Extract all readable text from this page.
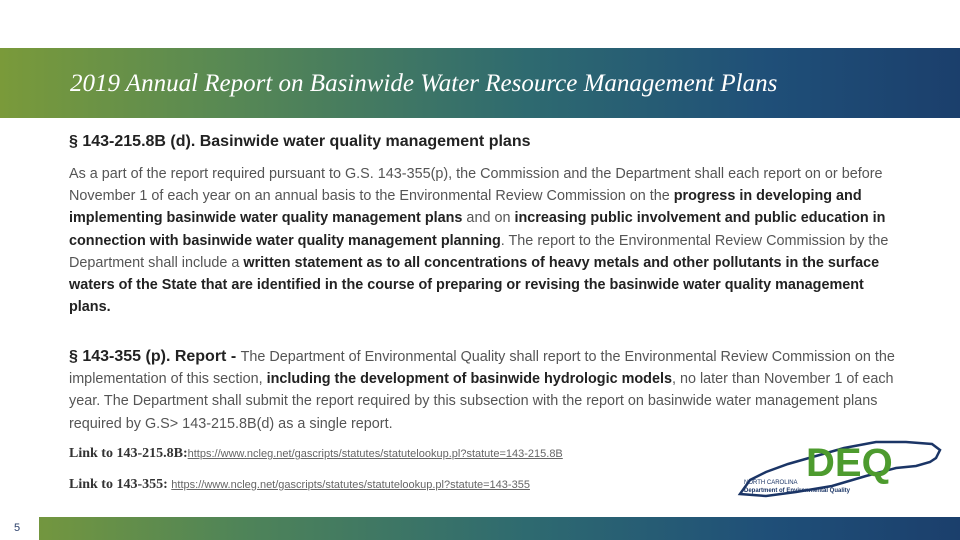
2019 Annual Report on Basinwide Water Resource Management Plans
§ 143-215.8B (d). Basinwide water quality management plans
As a part of the report required pursuant to G.S. 143-355(p), the Commission and the Department shall each report on or before November 1 of each year on an annual basis to the Environmental Review Commission on the progress in developing and implementing basinwide water quality management plans and on increasing public involvement and public education in connection with basinwide water quality management planning. The report to the Environmental Review Commission by the Department shall include a written statement as to all concentrations of heavy metals and other pollutants in the surface waters of the State that are identified in the course of preparing or revising the basinwide water quality management plans.
§ 143-355 (p). Report - The Department of Environmental Quality shall report to the Environmental Review Commission on the implementation of this section, including the development of basinwide hydrologic models, no later than November 1 of each year. The Department shall submit the report required by this subsection with the report on basinwide water management plans required by G.S> 143-215.8B(d) as a single report.
Link to 143-215.8B:https://www.ncleg.net/gascripts/statutes/statutelookup.pl?statute=143-215.8B
Link to 143-355: https://www.ncleg.net/gascripts/statutes/statutelookup.pl?statute=143-355	DEQ
NORTH CAROLINA
Department of Environmental Quality
5
